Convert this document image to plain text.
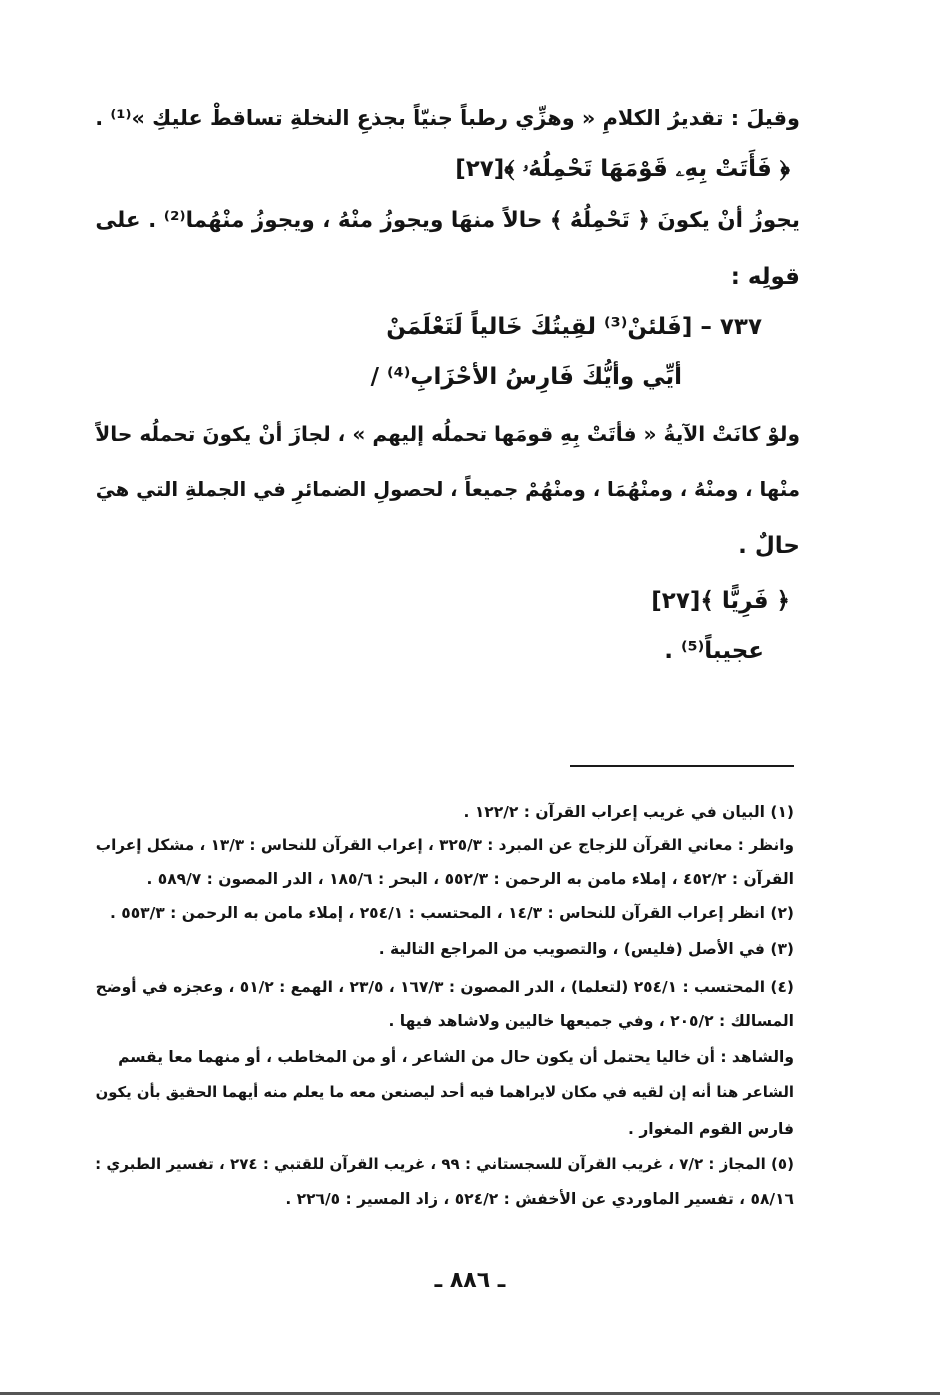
وقيلَ : تقديرُ الكلامِ « وهزِّي رطباً جنيّاً بجذعِ النخلةِ تساقطْ عليكِ »⁽¹⁾ .
﴿ فَأَتَتْ بِهِۦ قَوْمَهَا تَحْمِلُهُۥ ﴾[٢٧]
يجوزُ أنْ يكونَ ﴿ تَحْمِلُهُ ﴾ حالاً منهَا ويجوزُ منْهُ ، ويجوزُ منْهُما⁽²⁾ . على
قولِه :
٧٣٧ – [فَلئنْ⁽³⁾ لقِيتُكَ خَالياً لَتَعْلَمَنْ
أيِّي وأيُّكَ فَارِسُ الأحْزَابِ⁽⁴⁾ /
ولوْ كانَتْ الآيةُ « فأتَتْ بِهِ قومَها تحملُه إليهم » ، لجازَ أنْ يكونَ تحملُه حالاً
منْها ، ومنْهُ ، ومنْهُمَا ، ومنْهُمْ جميعاً ، لحصولِ الضمائرِ في الجملةِ التي هيَ
حالٌ .
﴿ فَرِيًّا ﴾[٢٧]
عجيباً⁽⁵⁾ .
(١) البيان في غريب إعراب القرآن : ١٢٢/٢ .
وانظر : معاني القرآن للزجاج عن المبرد : ٣٢٥/٣ ، إعراب القرآن للنحاس : ١٣/٣ ، مشكل إعراب
القرآن : ٤٥٢/٢ ، إملاء مامن به الرحمن : ٥٥٢/٣ ، البحر : ١٨٥/٦ ، الدر المصون : ٥٨٩/٧ .
(٢) انظر إعراب القرآن للنحاس : ١٤/٣ ، المحتسب : ٢٥٤/١ ، إملاء مامن به الرحمن : ٥٥٣/٣ .
(٣) في الأصل (فليس) ، والتصويب من المراجع التالية .
(٤) المحتسب : ٢٥٤/١ (لتعلما) ، الدر المصون : ١٦٧/٣ ، ٢٣/٥ ، الهمع : ٥١/٢ ، وعجزه في أوضح
المسالك : ٢٠٥/٢ ، وفي جميعها خاليين ولاشاهد فيها .
والشاهد : أن خاليا يحتمل أن يكون حال من الشاعر ، أو من المخاطب ، أو منهما معا يقسم
الشاعر هنا أنه إن لقيه في مكان لايراهما فيه أحد ليصنعن معه ما يعلم منه أيهما الحقيق بأن يكون
فارس القوم المغوار .
(٥) المجاز : ٧/٢ ، غريب القرآن للسجستاني : ٩٩ ، غريب القرآن للقتبي : ٢٧٤ ، تفسير الطبري :
٥٨/١٦ ، تفسير الماوردي عن الأخفش : ٥٢٤/٢ ، زاد المسير : ٢٢٦/٥ .
ـ ٨٨٦ ـ
